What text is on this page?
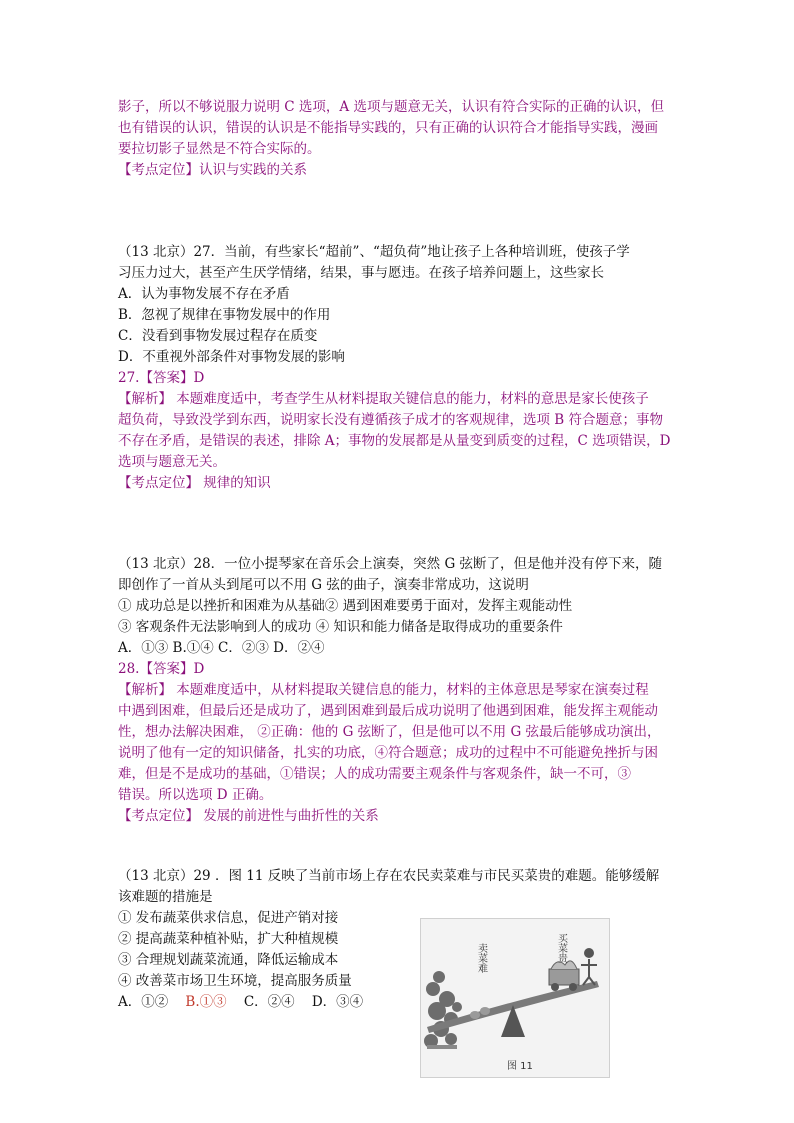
影子，所以不够说服力说明 C 选项，A 选项与题意无关，认识有符合实际的正确的认识，但
也有错误的认识，错误的认识是不能指导实践的，只有正确的认识符合才能指导实践，漫画
要拉切影子显然是不符合实际的。
【考点定位】认识与实践的关系
（13 北京）27．当前，有些家长“超前”、“超负荷”地让孩子上各种培训班，使孩子学
习压力过大，甚至产生厌学情绪，结果，事与愿违。在孩子培养问题上，这些家长
A．认为事物发展不存在矛盾
B．忽视了规律在事物发展中的作用
C．没看到事物发展过程存在质变
D．不重视外部条件对事物发展的影响
27.【答案】D
【解析】 本题难度适中，考查学生从材料提取关键信息的能力，材料的意思是家长使孩子
超负荷，导致没学到东西，说明家长没有遵循孩子成才的客观规律，选项 B 符合题意；事物
不存在矛盾，是错误的表述，排除 A；事物的发展都是从量变到质变的过程，C 选项错误，D
选项与题意无关。
【考点定位】 规律的知识
（13 北京）28．一位小提琴家在音乐会上演奏，突然 G 弦断了，但是他并没有停下来，随
即创作了一首从头到尾可以不用 G 弦的曲子，演奏非常成功，这说明
① 成功总是以挫折和困难为从基础② 遇到困难要勇于面对，发挥主观能动性
③ 客观条件无法影响到人的成功 ④ 知识和能力储备是取得成功的重要条件
A．①③ B.①④ C．②③ D．②④
28.【答案】D
【解析】 本题难度适中，从材料提取关键信息的能力，材料的主体意思是琴家在演奏过程
中遇到困难，但最后还是成功了，遇到困难到最后成功说明了他遇到困难，能发挥主观能动
性，想办法解决困难， ②正确：他的 G 弦断了，但是他可以不用 G 弦最后能够成功演出，
说明了他有一定的知识储备，扎实的功底，④符合题意；成功的过程中不可能避免挫折与困
难，但是不是成功的基础，①错误；人的成功需要主观条件与客观条件，缺一不可，③
错误。所以选项 D 正确。
【考点定位】 发展的前进性与曲折性的关系
（13 北京）29 ．图 11 反映了当前市场上存在农民卖菜难与市民买菜贵的难题。能够缓解
该难题的措施是
① 发布蔬菜供求信息，促进产销对接
② 提高蔬菜种植补贴，扩大种植规模
③ 合理规划蔬菜流通，降低运输成本
④ 改善菜市场卫生环境，提高服务质量
A．①② B.①③ C．②④ D．③④
卖菜难	买菜贵
图 11
